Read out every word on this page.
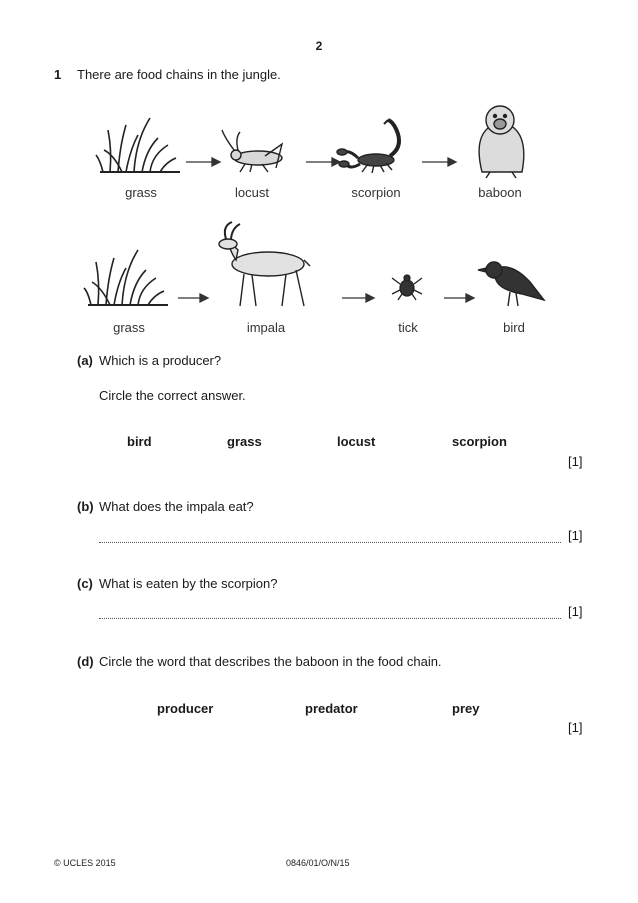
2
1 There are food chains in the jungle.
grass	locust	scorpion	baboon
grass	impala	tick	bird
(a) Which is a producer?
Circle the correct answer.
bird	grass	locust	scorpion
[1]
(b) What does the impala eat?
[1]
(c) What is eaten by the scorpion?
[1]
(d) Circle the word that describes the baboon in the food chain.
producer	predator	prey
[1]
© UCLES 2015	0846/01/O/N/15
